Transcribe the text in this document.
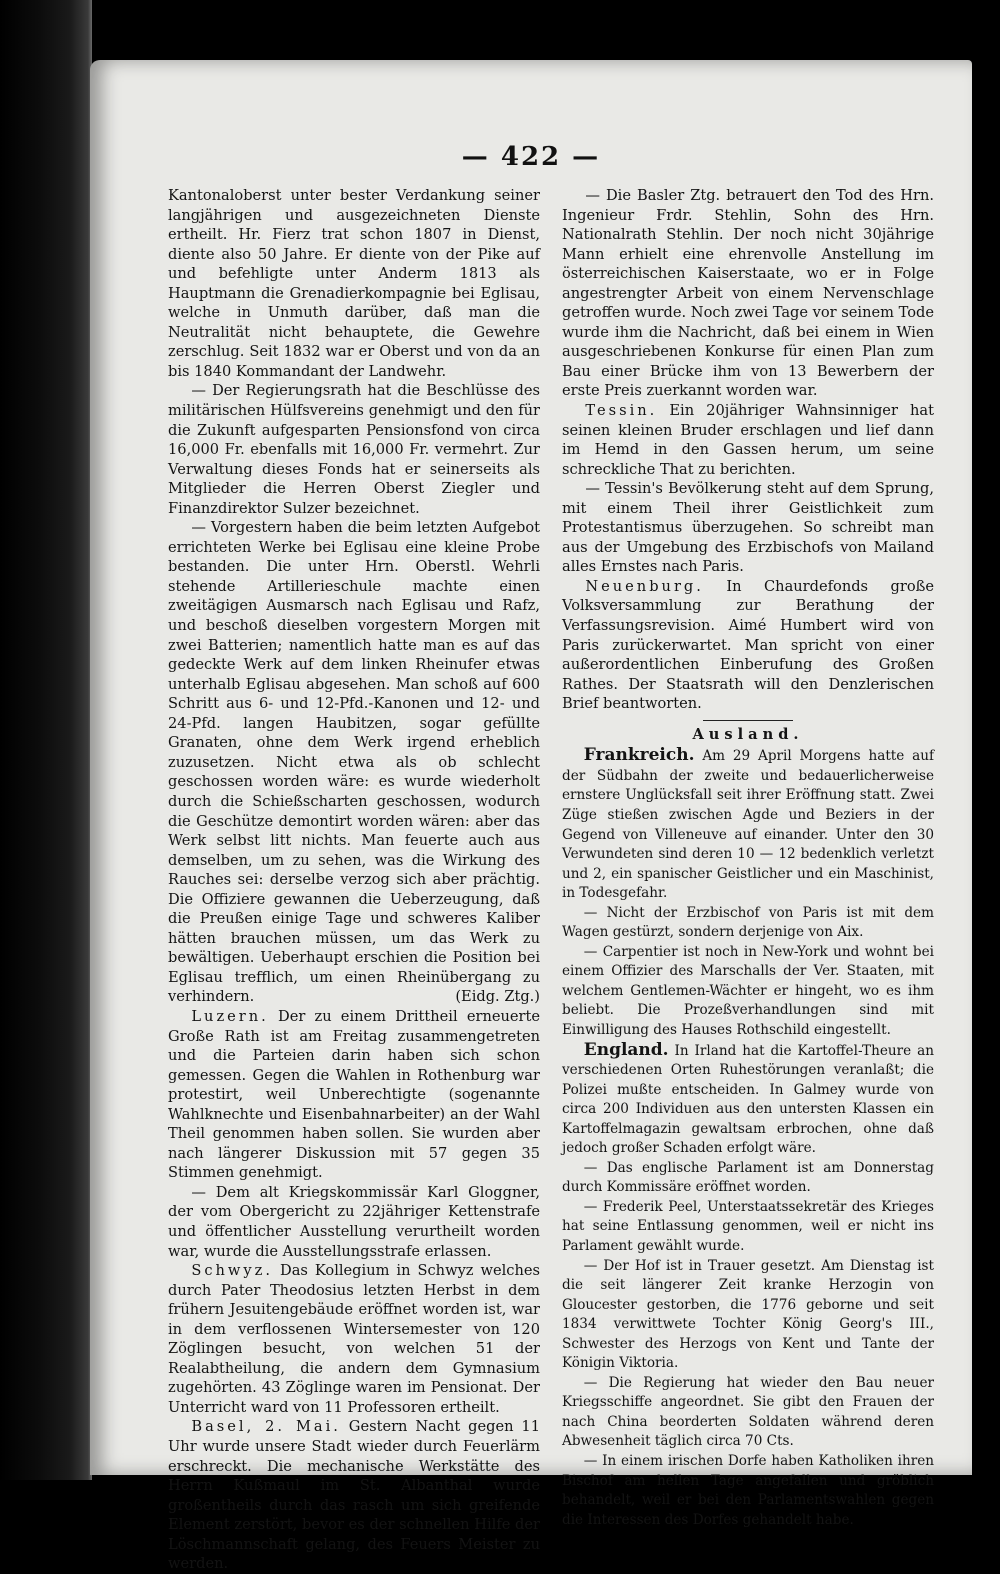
— 422 —

Kantonaloberst unter bester Verdankung seiner langjährigen und ausgezeichneten Dienste ertheilt. Hr. Fierz trat schon 1807 in Dienst, diente also 50 Jahre. Er diente von der Pike auf und befehligte unter Anderm 1813 als Hauptmann die Grenadierkompagnie bei Eglisau, welche in Unmuth darüber, daß man die Neutralität nicht behauptete, die Gewehre zerschlug. Seit 1832 war er Oberst und von da an bis 1840 Kommandant der Landwehr.

— Der Regierungsrath hat die Beschlüsse des militärischen Hülfsvereins genehmigt und den für die Zukunft aufgesparten Pensionsfond von circa 16,000 Fr. ebenfalls mit 16,000 Fr. vermehrt. Zur Verwaltung dieses Fonds hat er seinerseits als Mitglieder die Herren Oberst Ziegler und Finanzdirektor Sulzer bezeichnet.

— Vorgestern haben die beim letzten Aufgebot errichteten Werke bei Eglisau eine kleine Probe bestanden. Die unter Hrn. Oberstl. Wehrli stehende Artillerieschule machte einen zweitägigen Ausmarsch nach Eglisau und Rafz, und beschoß dieselben vorgestern Morgen mit zwei Batterien; namentlich hatte man es auf das gedeckte Werk auf dem linken Rheinufer etwas unterhalb Eglisau abgesehen. Man schoß auf 600 Schritt aus 6- und 12-Pfd.-Kanonen und 12- und 24-Pfd. langen Haubitzen, sogar gefüllte Granaten, ohne dem Werk irgend erheblich zuzusetzen. Nicht etwa als ob schlecht geschossen worden wäre: es wurde wiederholt durch die Schießscharten geschossen, wodurch die Geschütze demontirt worden wären: aber das Werk selbst litt nichts. Man feuerte auch aus demselben, um zu sehen, was die Wirkung des Rauches sei: derselbe verzog sich aber prächtig. Die Offiziere gewannen die Ueberzeugung, daß die Preußen einige Tage und schweres Kaliber hätten brauchen müssen, um das Werk zu bewältigen. Ueberhaupt erschien die Position bei Eglisau trefflich, um einen Rheinübergang zu verhindern.	(Eidg. Ztg.)

Luzern. Der zu einem Drittheil erneuerte Große Rath ist am Freitag zusammengetreten und die Parteien darin haben sich schon gemessen. Gegen die Wahlen in Rothenburg war protestirt, weil Unberechtigte (sogenannte Wahlknechte und Eisenbahnarbeiter) an der Wahl Theil genommen haben sollen. Sie wurden aber nach längerer Diskussion mit 57 gegen 35 Stimmen genehmigt.

— Dem alt Kriegskommissär Karl Gloggner, der vom Obergericht zu 22jähriger Kettenstrafe und öffentlicher Ausstellung verurtheilt worden war, wurde die Ausstellungsstrafe erlassen.

Schwyz. Das Kollegium in Schwyz welches durch Pater Theodosius letzten Herbst in dem frühern Jesuitengebäude eröffnet worden ist, war in dem verflossenen Wintersemester von 120 Zöglingen besucht, von welchen 51 der Realabtheilung, die andern dem Gymnasium zugehörten. 43 Zöglinge waren im Pensionat. Der Unterricht ward von 11 Professoren ertheilt.

Basel, 2. Mai. Gestern Nacht gegen 11 Uhr wurde unsere Stadt wieder durch Feuerlärm erschreckt. Die mechanische Werkstätte des Herrn Kußmaul im St. Albanthal wurde großentheils durch das rasch um sich greifende Element zerstört, bevor es der schnellen Hilfe der Löschmannschaft gelang, des Feuers Meister zu werden.

— Die Basler Ztg. betrauert den Tod des Hrn. Ingenieur Frdr. Stehlin, Sohn des Hrn. Nationalrath Stehlin. Der noch nicht 30jährige Mann erhielt eine ehrenvolle Anstellung im österreichischen Kaiserstaate, wo er in Folge angestrengter Arbeit von einem Nervenschlage getroffen wurde. Noch zwei Tage vor seinem Tode wurde ihm die Nachricht, daß bei einem in Wien ausgeschriebenen Konkurse für einen Plan zum Bau einer Brücke ihm von 13 Bewerbern der erste Preis zuerkannt worden war.

Tessin. Ein 20jähriger Wahnsinniger hat seinen kleinen Bruder erschlagen und lief dann im Hemd in den Gassen herum, um seine schreckliche That zu berichten.

— Tessin's Bevölkerung steht auf dem Sprung, mit einem Theil ihrer Geistlichkeit zum Protestantismus überzugehen. So schreibt man aus der Umgebung des Erzbischofs von Mailand alles Ernstes nach Paris.

Neuenburg. In Chaurdefonds große Volksversammlung zur Berathung der Verfassungsrevision. Aimé Humbert wird von Paris zurückerwartet. Man spricht von einer außerordentlichen Einberufung des Großen Rathes. Der Staatsrath will den Denzlerischen Brief beantworten.

Ausland.

Frankreich. Am 29 April Morgens hatte auf der Südbahn der zweite und bedauerlicherweise ernstere Unglücksfall seit ihrer Eröffnung statt. Zwei Züge stießen zwischen Agde und Beziers in der Gegend von Villeneuve auf einander. Unter den 30 Verwundeten sind deren 10 — 12 bedenklich verletzt und 2, ein spanischer Geistlicher und ein Maschinist, in Todesgefahr.

— Nicht der Erzbischof von Paris ist mit dem Wagen gestürzt, sondern derjenige von Aix.

— Carpentier ist noch in New-York und wohnt bei einem Offizier des Marschalls der Ver. Staaten, mit welchem Gentlemen-Wächter er hingeht, wo es ihm beliebt. Die Prozeßverhandlungen sind mit Einwilligung des Hauses Rothschild eingestellt.

England. In Irland hat die Kartoffel-Theure an verschiedenen Orten Ruhestörungen veranlaßt; die Polizei mußte entscheiden. In Galmey wurde von circa 200 Individuen aus den untersten Klassen ein Kartoffelmagazin gewaltsam erbrochen, ohne daß jedoch großer Schaden erfolgt wäre.

— Das englische Parlament ist am Donnerstag durch Kommissäre eröffnet worden.

— Frederik Peel, Unterstaatssekretär des Krieges hat seine Entlassung genommen, weil er nicht ins Parlament gewählt wurde.

— Der Hof ist in Trauer gesetzt. Am Dienstag ist die seit längerer Zeit kranke Herzogin von Gloucester gestorben, die 1776 geborne und seit 1834 verwittwete Tochter König Georg's III., Schwester des Herzogs von Kent und Tante der Königin Viktoria.

— Die Regierung hat wieder den Bau neuer Kriegsschiffe angeordnet. Sie gibt den Frauen der nach China beorderten Soldaten während deren Abwesenheit täglich circa 70 Cts.

— In einem irischen Dorfe haben Katholiken ihren Bischof am hellen Tage angefallen und gröblich behandelt, weil er bei den Parlamentswahlen gegen die Interessen des Dorfes gehandelt habe.
